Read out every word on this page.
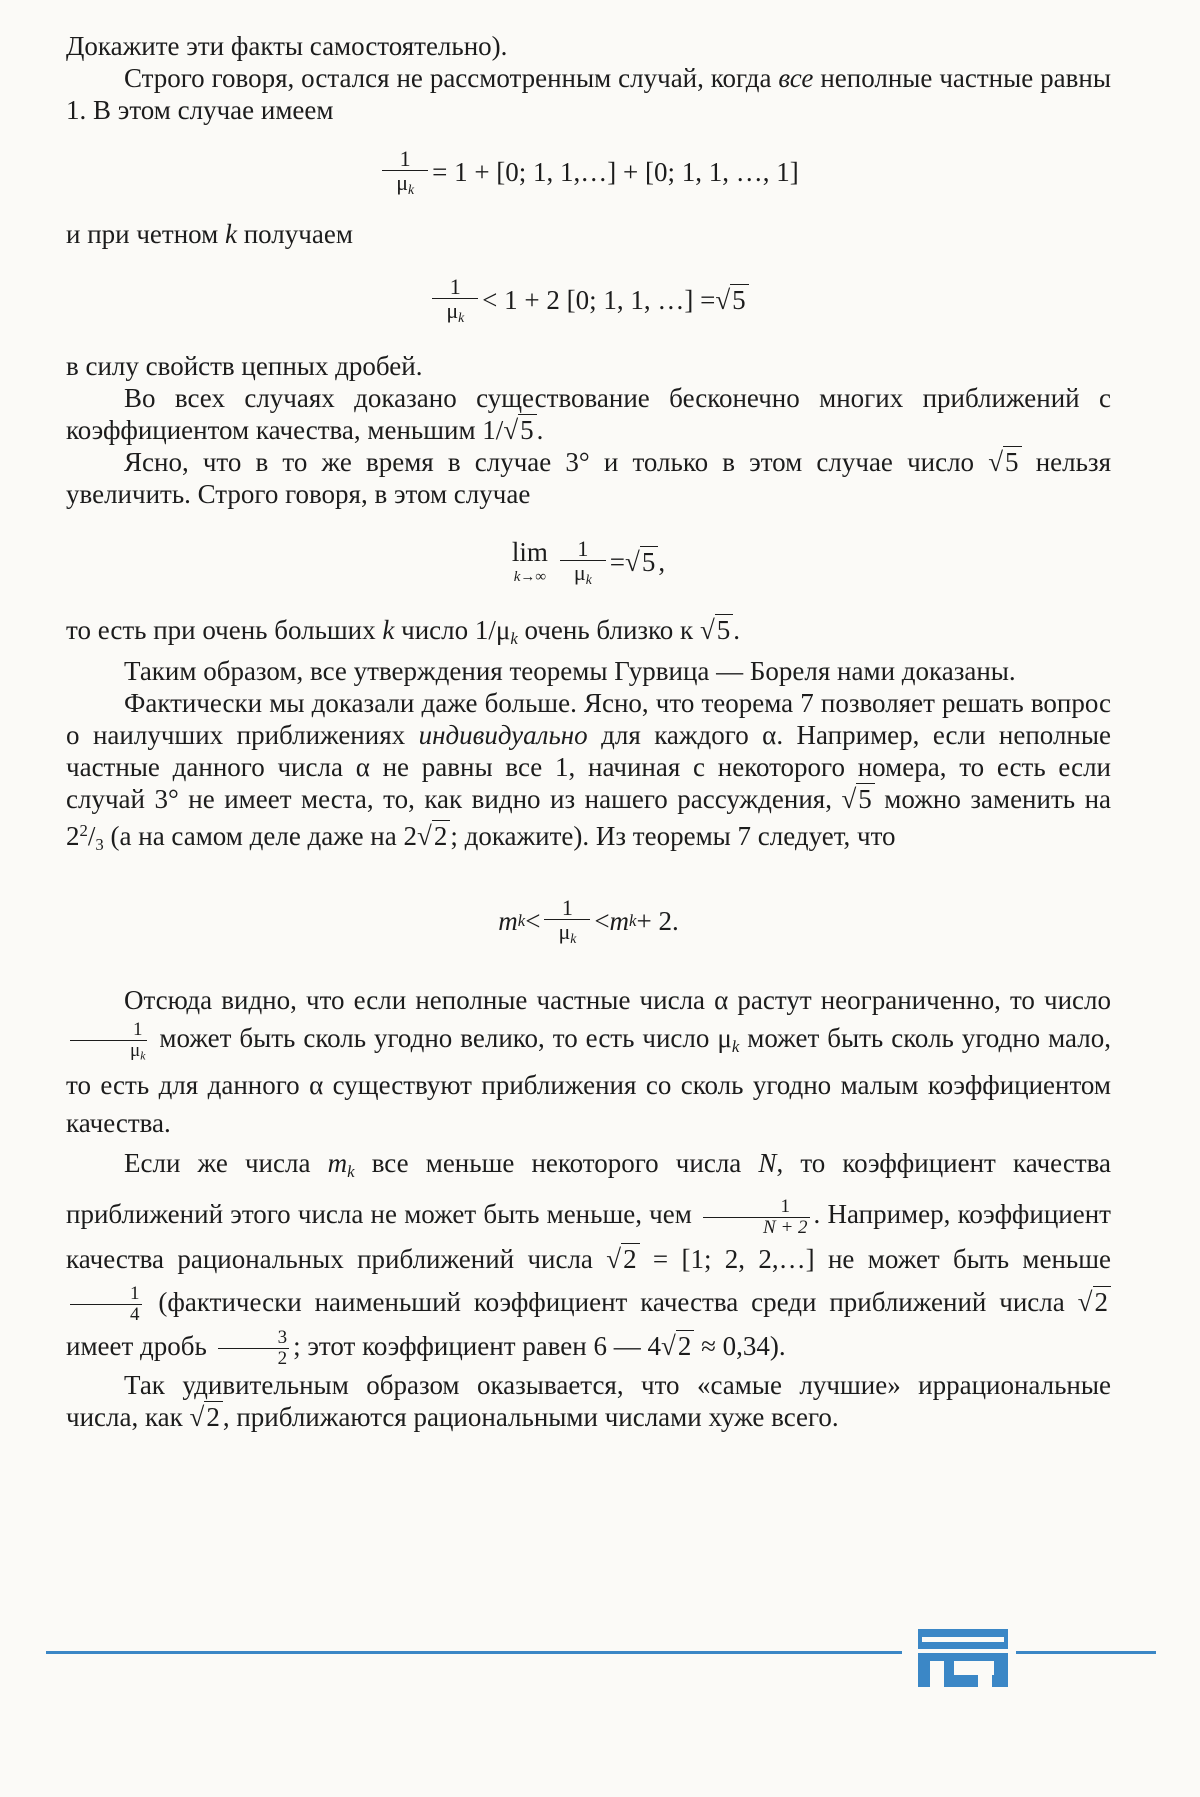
Докажите эти факты самостоятельно).

Строго говоря, остался не рассмотренным случай, когда все неполные частные равны 1. В этом случае имеем

$\frac{1}{\mu_k} = 1 + [0$; 1, 1,…] + [0; 1, 1, …, 1]

и при четном k получаем

$\frac{1}{\mu_k} < 1 + 2$ [0; 1, 1, …] = √5

в силу свойств цепных дробей.

Во всех случаях доказано существование бесконечно многих приближений с коэффициентом качества, меньшим 1/√5 .

Ясно, что в то же время в случае 3° и только в этом случае число √5 нельзя увеличить. Строго говоря, в этом случае

lim
$k\to\infty \frac{1}{\mu_k} = √5$ ,

то есть при очень больших k число $1/\mu_k$ очень близко к √5 .

Таким образом, все утверждения теоремы Гурвица — Бореля нами доказаны.

Фактически мы доказали даже больше. Ясно, что теорема 7 позволяет решать вопрос о наилучших приближениях индивидуально для каждого α. Например, если неполные частные данного числа α не равны все 1, начиная с некоторого номера, то есть если случай 3° не имеет места, то, как видно из нашего рассуждения, √5 можно заменить на $2^2/_3$ (а на самом деле даже на 2√2 ; докажите). Из теоремы 7 следует, что

m $k < \frac{1}{\mu_k} < m$ k + 2.

Отсюда видно, что если неполные частные числа α растут неограниченно, то число
$\frac{1}{\mu_k}$ может быть сколь угодно велико, то есть число $\mu_k$ может быть сколь угодно мало, то есть для данного α существуют приближения со сколь угодно малым коэффициентом качества.

Если же числа $m_k$ все меньше некоторого числа N, то коэффициент качества приближений этого числа не может быть меньше, чем $\frac{1}{N + 2}$ . Например, коэффициент качества рациональных приближений числа √2 = [1; 2, 2,…] не может быть меньше
$\frac{1}{4}$ (фактически наименьший коэффициент качества среди приближений числа √2 имеет дробь $\frac{3}{2}$ ; этот коэффициент равен 6 — 4√2 ≈ 0,34).

Так удивительным образом оказывается, что «самые лучшие» иррациональные числа, как √2 , приближаются рациональными числами хуже всего.
